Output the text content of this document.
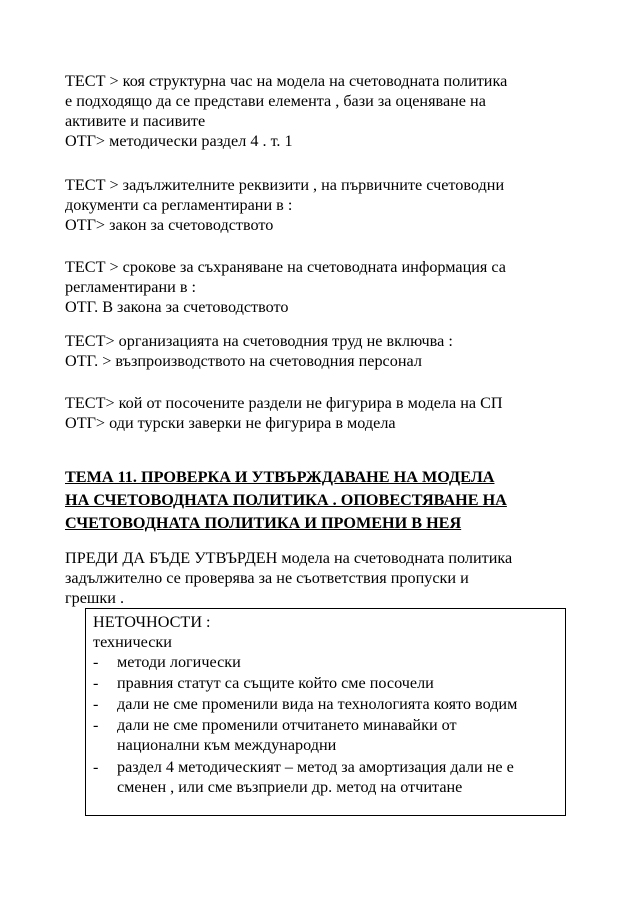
ТЕСТ > коя структурна час на модела на счетоводната политика
е подходящо да се представи елемента , бази за оценяване на
активите и пасивите
ОТГ> методически раздел 4 . т. 1
ТЕСТ > задължителните реквизити , на първичните счетоводни
документи са регламентирани в :
ОТГ> закон за счетоводството
ТЕСТ > срокове за съхраняване на счетоводната информация са
регламентирани в :
ОТГ. В закона за счетоводството
ТЕСТ> организацията на счетоводния труд не включва :
ОТГ. > възпроизводството на счетоводния персонал
ТЕСТ> кой от посочените раздели не фигурира в модела на СП
ОТГ> оди турски заверки не фигурира в модела
ТЕМА 11. ПРОВЕРКА И УТВЪРЖДАВАНЕ НА МОДЕЛА
НА СЧЕТОВОДНАТА ПОЛИТИКА . ОПОВЕСТЯВАНЕ НА
СЧЕТОВОДНАТА ПОЛИТИКА И ПРОМЕНИ В НЕЯ
ПРЕДИ ДА БЪДЕ УТВЪРДЕН модела на счетоводната политика
задължително се проверява за не съответствия пропуски и
грешки .
НЕТОЧНОСТИ :
технически
- методи логически
- правния статут са същите който сме посочели
- дали не сме променили вида на технологията която водим
- дали не сме променили отчитането минавайки от
национални към международни
- раздел 4 методическият – метод за амортизация дали не е
сменен , или сме възприели др. метод на отчитане
